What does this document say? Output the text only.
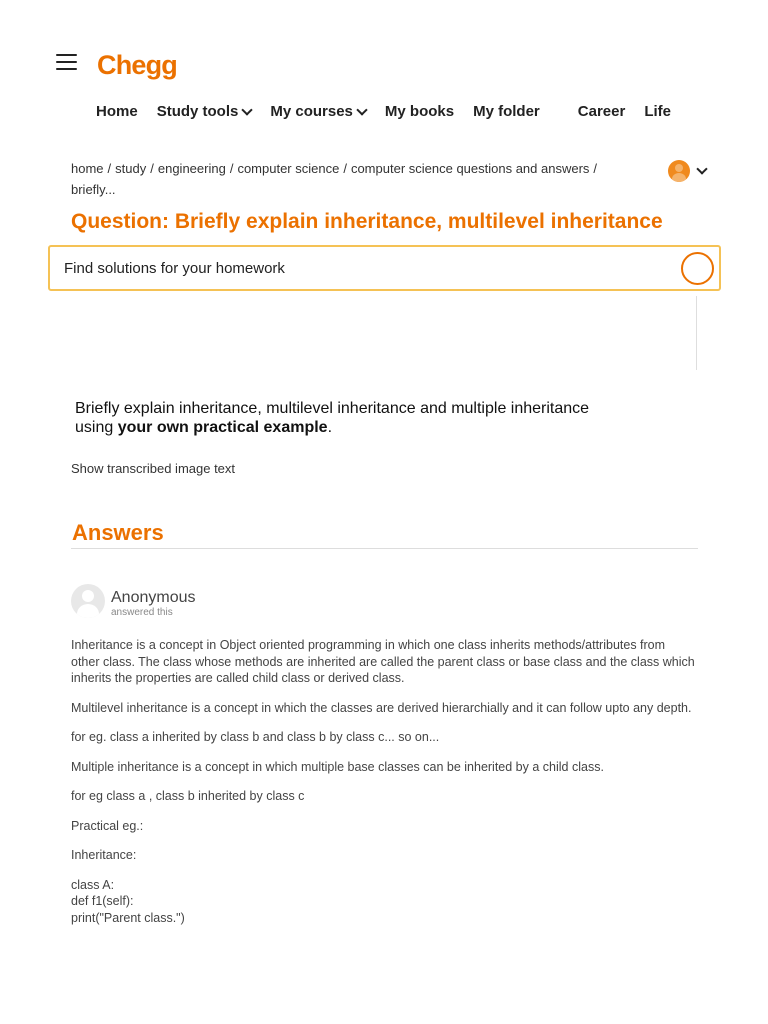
Chegg
Home Study tools My courses My books My folder	Career Life
home / study / engineering / computer science / computer science questions and answers /
briefly...
Question: Briefly explain inheritance, multilevel inheritance
Find solutions for your homework
Briefly explain inheritance, multilevel inheritance and multiple inheritance
using your own practical example.
Show transcribed image text
Answers
Anonymous
answered this

Inheritance is a concept in Object oriented programming in which one class inherits methods/attributes from other class. The class whose methods are inherited are called the parent class or base class and the class which inherits the properties are called child class or derived class.

Multilevel inheritance is a concept in which the classes are derived hierarchially and it can follow upto any depth.

for eg. class a inherited by class b and class b by class c... so on...

Multiple inheritance is a concept in which multiple base classes can be inherited by a child class.

for eg class a , class b inherited by class c

Practical eg.:

Inheritance:

class A:

def f1(self):

print("Parent class.")
